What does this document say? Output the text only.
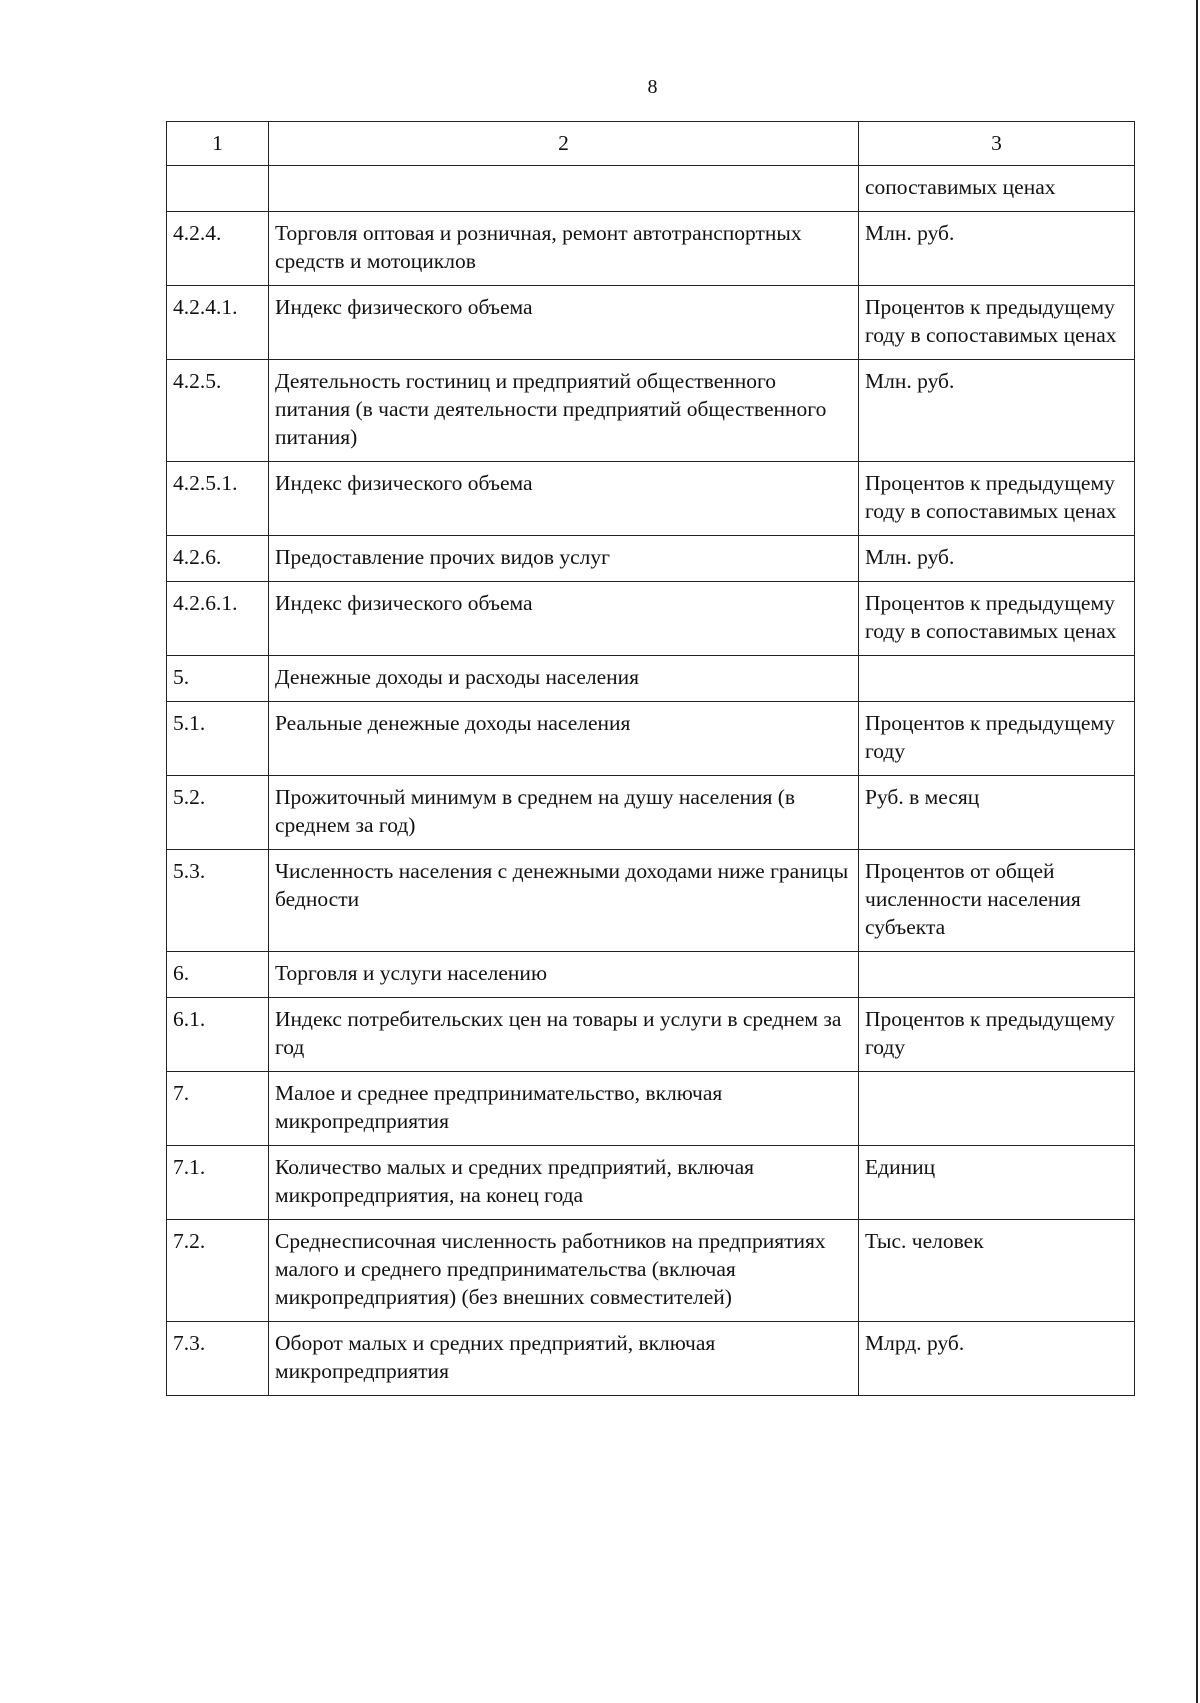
8
1	2	3
		сопоставимых ценах
4.2.4.	Торговля оптовая и розничная, ремонт автотранспортных средств и мотоциклов	Млн. руб.
4.2.4.1.	Индекс физического объема	Процентов к предыдущему году в сопоставимых ценах
4.2.5.	Деятельность гостиниц и предприятий общественного питания (в части деятельности предприятий общественного питания)	Млн. руб.
4.2.5.1.	Индекс физического объема	Процентов к предыдущему году в сопоставимых ценах
4.2.6.	Предоставление прочих видов услуг	Млн. руб.
4.2.6.1.	Индекс физического объема	Процентов к предыдущему году в сопоставимых ценах
5.	Денежные доходы и расходы населения	
5.1.	Реальные денежные доходы населения	Процентов к предыдущему году
5.2.	Прожиточный минимум в среднем на душу населения (в среднем за год)	Руб. в месяц
5.3.	Численность населения с денежными доходами ниже границы бедности	Процентов от общей численности населения субъекта
6.	Торговля и услуги населению	
6.1.	Индекс потребительских цен на товары и услуги в среднем за год	Процентов к предыдущему году
7.	Малое и среднее предпринимательство, включая микропредприятия	
7.1.	Количество малых и средних предприятий, включая микропредприятия, на конец года	Единиц
7.2.	Среднесписочная численность работников на предприятиях малого и среднего предпринимательства (включая микропредприятия) (без внешних совместителей)	Тыс. человек
7.3.	Оборот малых и средних предприятий, включая микропредприятия	Млрд. руб.
